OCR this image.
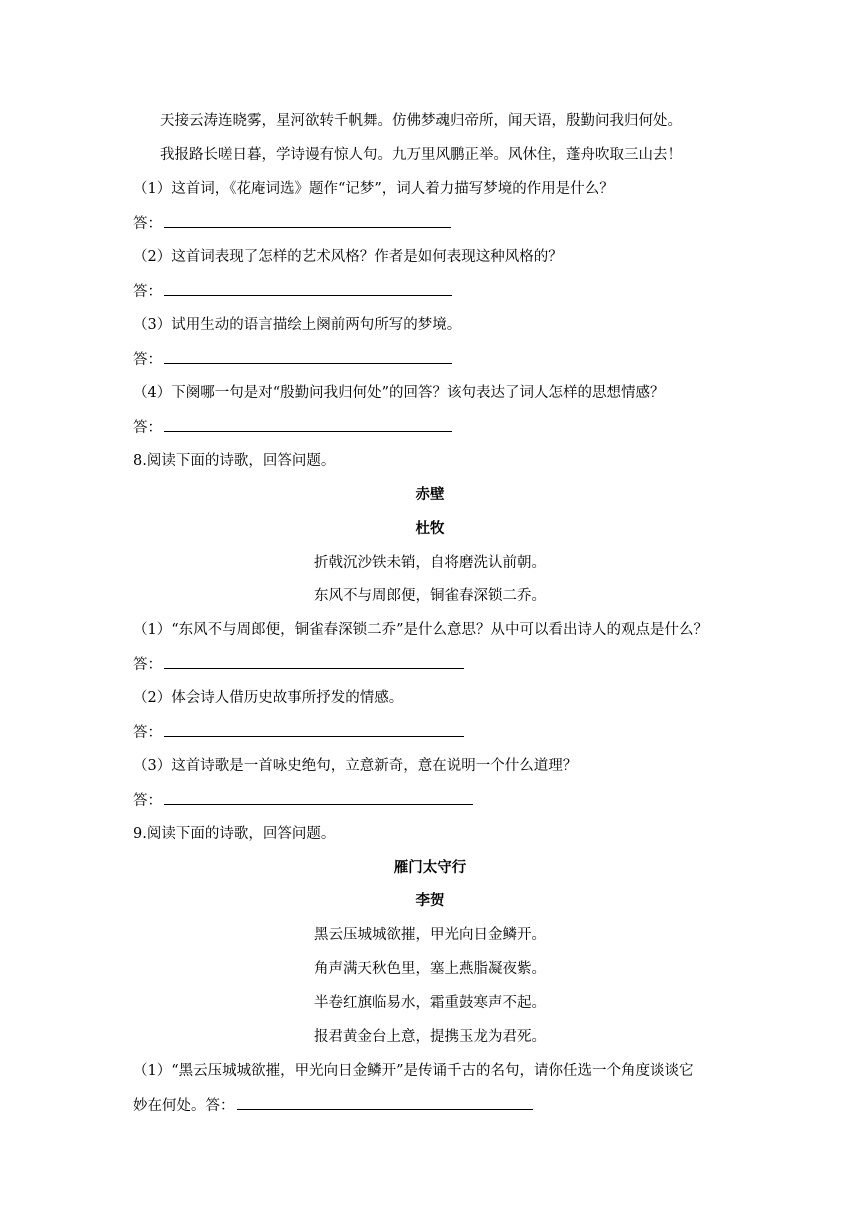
天接云涛连晓雾，星河欲转千帆舞。仿佛梦魂归帝所，闻天语，殷勤问我归何处。
我报路长嗟日暮，学诗谩有惊人句。九万里风鹏正举。风休住，蓬舟吹取三山去！
（1）这首词，《花庵词选》题作“记梦”，词人着力描写梦境的作用是什么？
答：
（2）这首词表现了怎样的艺术风格？作者是如何表现这种风格的？
答：
（3）试用生动的语言描绘上阕前两句所写的梦境。
答：
（4）下阕哪一句是对“殷勤问我归何处”的回答？该句表达了词人怎样的思想情感？
答：
8.阅读下面的诗歌，回答问题。
赤壁
杜牧
折戟沉沙铁未销，自将磨洗认前朝。
东风不与周郎便，铜雀春深锁二乔。
（1）“东风不与周郎便，铜雀春深锁二乔”是什么意思？从中可以看出诗人的观点是什么？
答：
（2）体会诗人借历史故事所抒发的情感。
答：
（3）这首诗歌是一首咏史绝句，立意新奇，意在说明一个什么道理？
答：
9.阅读下面的诗歌，回答问题。
雁门太守行
李贺
黑云压城城欲摧，甲光向日金鳞开。
角声满天秋色里，塞上燕脂凝夜紫。
半卷红旗临易水，霜重鼓寒声不起。
报君黄金台上意，提携玉龙为君死。
（1）“黑云压城城欲摧，甲光向日金鳞开”是传诵千古的名句，请你任选一个角度谈谈它
妙在何处。答：
